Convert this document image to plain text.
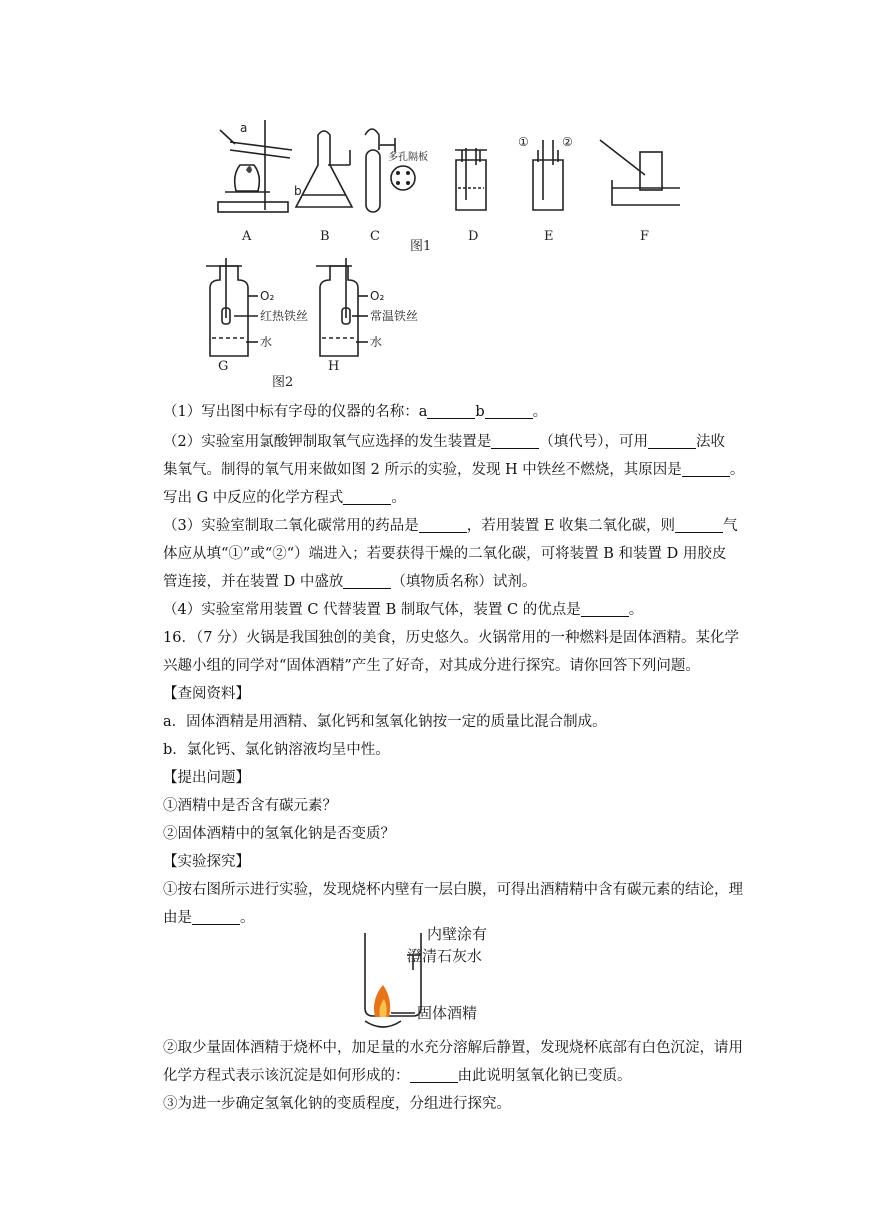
a
b
多孔隔板
①	②
A	B	C	D	E	F
图1
O₂
红热铁丝
水
G
O₂
常温铁丝
水
H
图2
（1）写出图中标有字母的仪器的名称：a	b	。
（2）实验室用氯酸钾制取氧气应选择的发生装置是	（填代号），可用	法收
集氧气。制得的氧气用来做如图 2 所示的实验，发现 H 中铁丝不燃烧，其原因是	。
写出 G 中反应的化学方程式	。
（3）实验室制取二氧化碳常用的药品是	，若用装置 E 收集二氧化碳，则	气
体应从填“①”或“②“）端进入；若要获得干燥的二氧化碳，可将装置 B 和装置 D 用胶皮
管连接，并在装置 D 中盛放	（填物质名称）试剂。
（4）实验室常用装置 C 代替装置 B 制取气体，装置 C 的优点是	。
16．（7 分）火锅是我国独创的美食，历史悠久。火锅常用的一种燃料是固体酒精。某化学
兴趣小组的同学对“固体酒精”产生了好奇，对其成分进行探究。请你回答下列问题。
【查阅资料】
a．固体酒精是用酒精、氯化钙和氢氧化钠按一定的质量比混合制成。
b．氯化钙、氯化钠溶液均呈中性。
【提出问题】
①酒精中是否含有碳元素？
②固体酒精中的氢氧化钠是否变质？
【实验探究】
①按右图所示进行实验，发现烧杯内壁有一层白膜，可得出酒精精中含有碳元素的结论，理
由是	。
内壁涂有
澄清石灰水
固体酒精
②取少量固体酒精于烧杯中，加足量的水充分溶解后静置，发现烧杯底部有白色沉淀，请用
化学方程式表示该沉淀是如何形成的：	由此说明氢氧化钠已变质。
③为进一步确定氢氧化钠的变质程度，分组进行探究。
